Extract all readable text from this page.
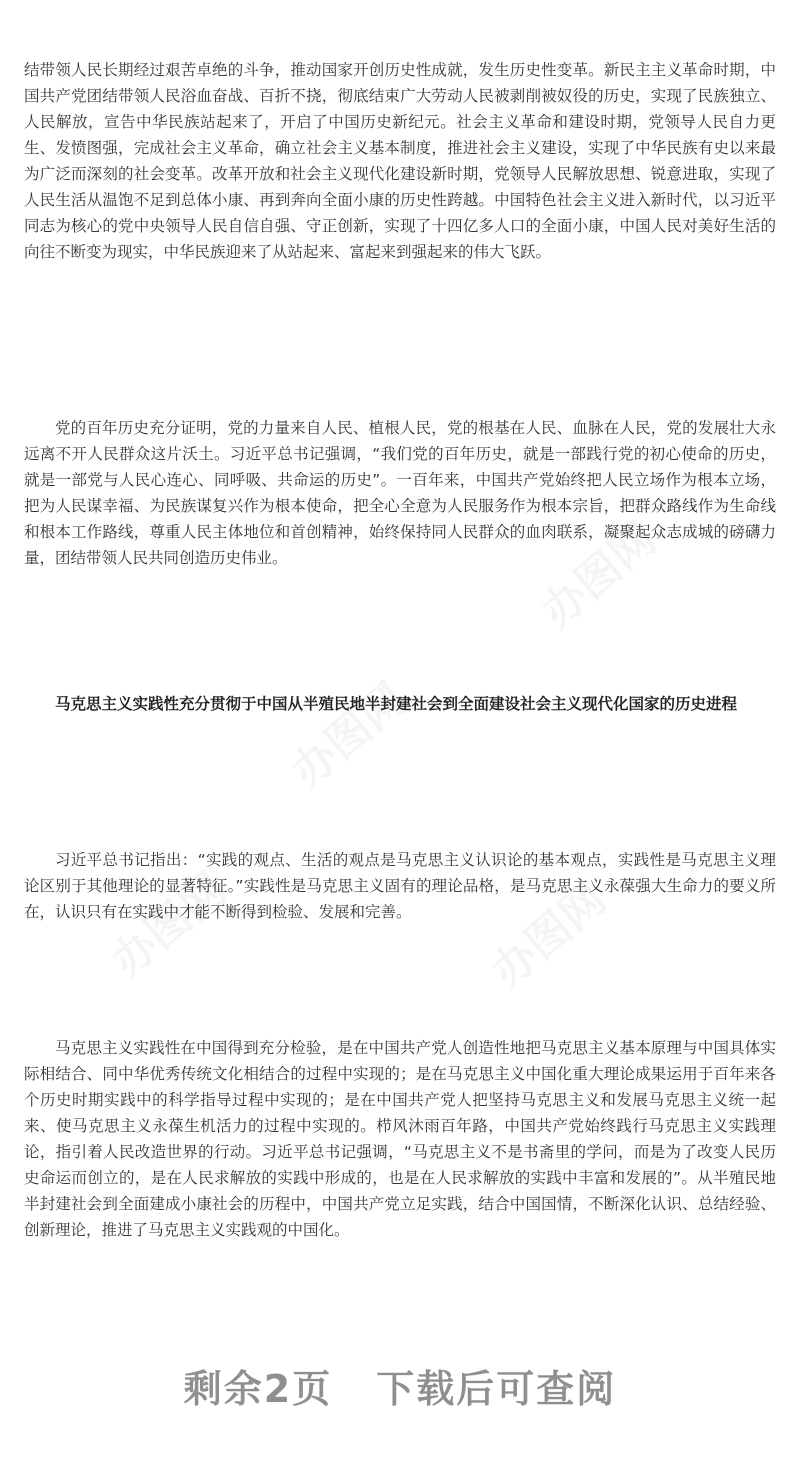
结带领人民长期经过艰苦卓绝的斗争，推动国家开创历史性成就，发生历史性变革。新民主主义革命时期，中国共产党团结带领人民浴血奋战、百折不挠，彻底结束广大劳动人民被剥削被奴役的历史，实现了民族独立、人民解放，宣告中华民族站起来了，开启了中国历史新纪元。社会主义革命和建设时期，党领导人民自力更生、发愤图强，完成社会主义革命，确立社会主义基本制度，推进社会主义建设，实现了中华民族有史以来最为广泛而深刻的社会变革。改革开放和社会主义现代化建设新时期，党领导人民解放思想、锐意进取，实现了人民生活从温饱不足到总体小康、再到奔向全面小康的历史性跨越。中国特色社会主义进入新时代，以习近平同志为核心的党中央领导人民自信自强、守正创新，实现了十四亿多人口的全面小康，中国人民对美好生活的向往不断变为现实，中华民族迎来了从站起来、富起来到强起来的伟大飞跃。

党的百年历史充分证明，党的力量来自人民、植根人民，党的根基在人民、血脉在人民，党的发展壮大永远离不开人民群众这片沃土。习近平总书记强调，“我们党的百年历史，就是一部践行党的初心使命的历史，就是一部党与人民心连心、同呼吸、共命运的历史”。一百年来，中国共产党始终把人民立场作为根本立场，把为人民谋幸福、为民族谋复兴作为根本使命，把全心全意为人民服务作为根本宗旨，把群众路线作为生命线和根本工作路线，尊重人民主体地位和首创精神，始终保持同人民群众的血肉联系，凝聚起众志成城的磅礴力量，团结带领人民共同创造历史伟业。

马克思主义实践性充分贯彻于中国从半殖民地半封建社会到全面建设社会主义现代化国家的历史进程

习近平总书记指出：“实践的观点、生活的观点是马克思主义认识论的基本观点，实践性是马克思主义理论区别于其他理论的显著特征。”实践性是马克思主义固有的理论品格，是马克思主义永葆强大生命力的要义所在，认识只有在实践中才能不断得到检验、发展和完善。

马克思主义实践性在中国得到充分检验，是在中国共产党人创造性地把马克思主义基本原理与中国具体实际相结合、同中华优秀传统文化相结合的过程中实现的；是在马克思主义中国化重大理论成果运用于百年来各个历史时期实践中的科学指导过程中实现的；是在中国共产党人把坚持马克思主义和发展马克思主义统一起来、使马克思主义永葆生机活力的过程中实现的。栉风沐雨百年路，中国共产党始终践行马克思主义实践理论，指引着人民改造世界的行动。习近平总书记强调，“马克思主义不是书斋里的学问，而是为了改变人民历史命运而创立的，是在人民求解放的实践中形成的，也是在人民求解放的实践中丰富和发展的”。从半殖民地半封建社会到全面建成小康社会的历程中，中国共产党立足实践，结合中国国情，不断深化认识、总结经验、创新理论，推进了马克思主义实践观的中国化。

剩余2页 下载后可查阅
